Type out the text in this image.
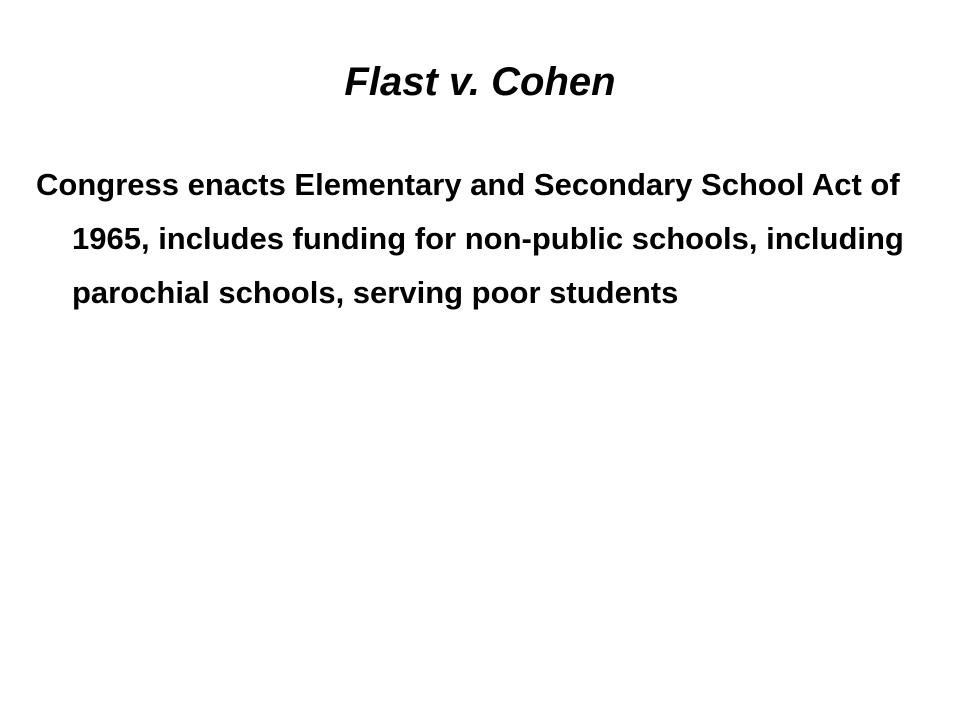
Flast v. Cohen
Congress enacts Elementary and Secondary School Act of 1965, includes funding for non-public schools, including parochial schools, serving poor students
